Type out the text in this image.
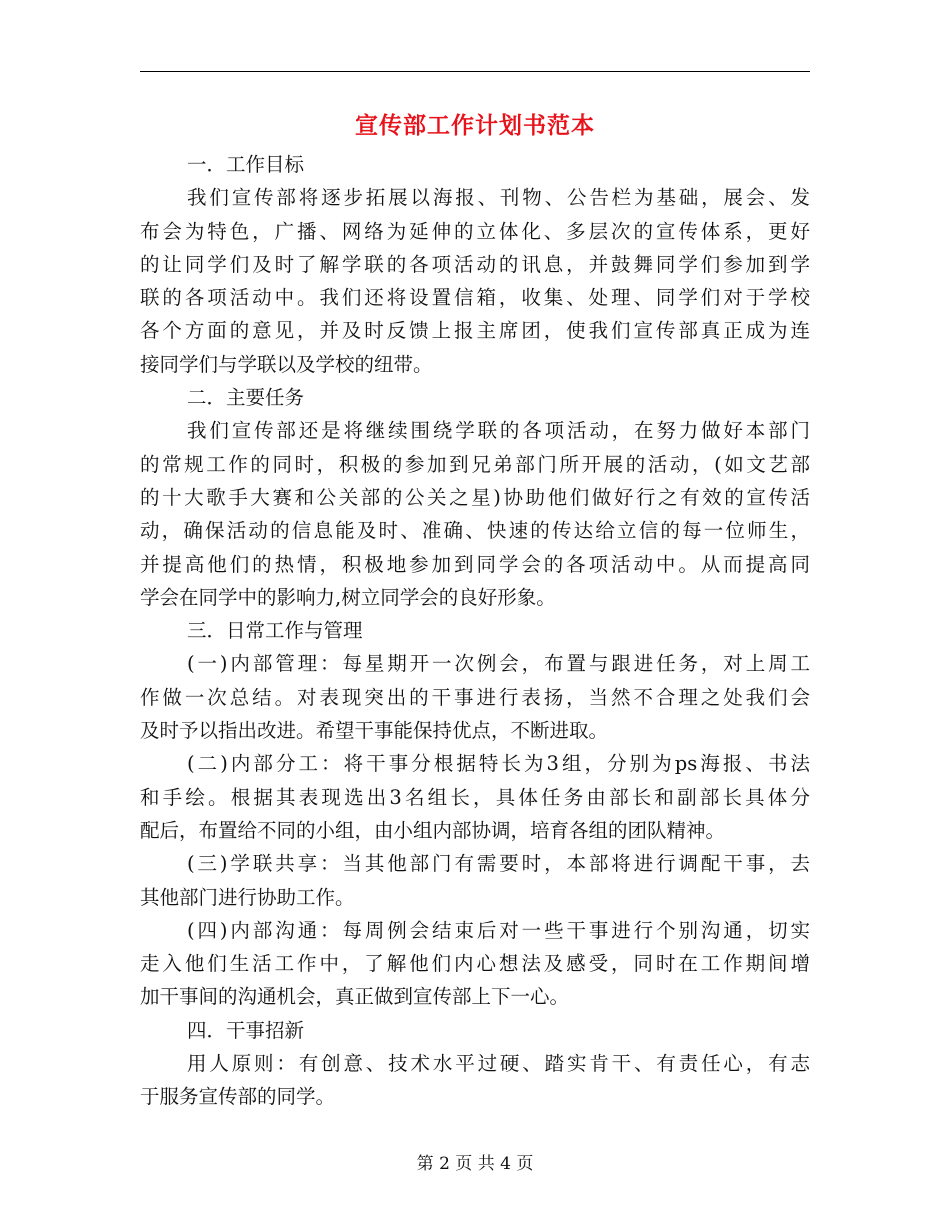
宣传部工作计划书范本
一．工作目标
我们宣传部将逐步拓展以海报、刊物、公告栏为基础，展会、发
布会为特色，广播、网络为延伸的立体化、多层次的宣传体系，更好
的让同学们及时了解学联的各项活动的讯息，并鼓舞同学们参加到学
联的各项活动中。我们还将设置信箱，收集、处理、同学们对于学校
各个方面的意见，并及时反馈上报主席团，使我们宣传部真正成为连
接同学们与学联以及学校的纽带。
二．主要任务
我们宣传部还是将继续围绕学联的各项活动，在努力做好本部门
的常规工作的同时，积极的参加到兄弟部门所开展的活动，(如文艺部
的十大歌手大赛和公关部的公关之星)协助他们做好行之有效的宣传活
动，确保活动的信息能及时、准确、快速的传达给立信的每一位师生，
并提高他们的热情，积极地参加到同学会的各项活动中。从而提高同
学会在同学中的影响力,树立同学会的良好形象。
三．日常工作与管理
(一)内部管理：每星期开一次例会，布置与跟进任务，对上周工
作做一次总结。对表现突出的干事进行表扬，当然不合理之处我们会
及时予以指出改进。希望干事能保持优点，不断进取。
(二)内部分工：将干事分根据特长为3组，分别为ps海报、书法
和手绘。根据其表现选出3名组长，具体任务由部长和副部长具体分
配后，布置给不同的小组，由小组内部协调，培育各组的团队精神。
(三)学联共享：当其他部门有需要时，本部将进行调配干事，去
其他部门进行协助工作。
(四)内部沟通：每周例会结束后对一些干事进行个别沟通，切实
走入他们生活工作中，了解他们内心想法及感受，同时在工作期间增
加干事间的沟通机会，真正做到宣传部上下一心。
四．干事招新
用人原则：有创意、技术水平过硬、踏实肯干、有责任心，有志
于服务宣传部的同学。
第 2 页 共 4 页
